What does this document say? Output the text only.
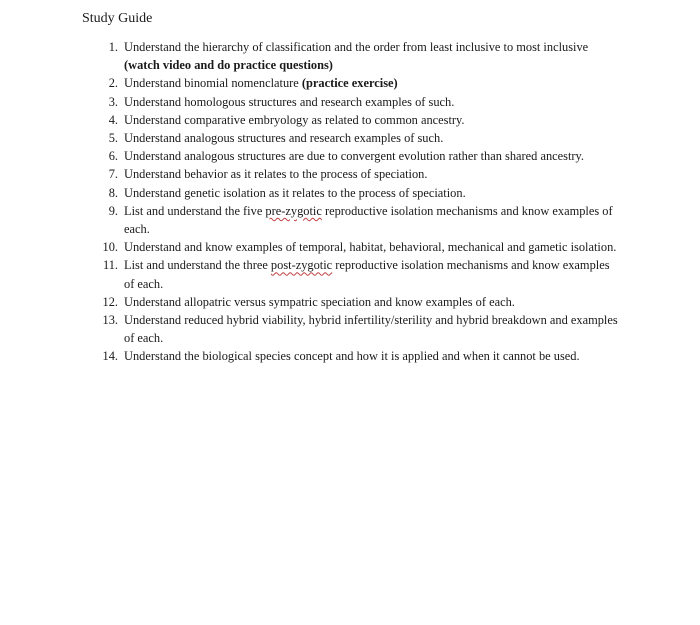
Study Guide
1. Understand the hierarchy of classification and the order from least inclusive to most inclusive (watch video and do practice questions)
2. Understand binomial nomenclature (practice exercise)
3. Understand homologous structures and research examples of such.
4. Understand comparative embryology as related to common ancestry.
5. Understand analogous structures and research examples of such.
6. Understand analogous structures are due to convergent evolution rather than shared ancestry.
7. Understand behavior as it relates to the process of speciation.
8. Understand genetic isolation as it relates to the process of speciation.
9. List and understand the five pre-zygotic reproductive isolation mechanisms and know examples of each.
10. Understand and know examples of temporal, habitat, behavioral, mechanical and gametic isolation.
11. List and understand the three post-zygotic reproductive isolation mechanisms and know examples of each.
12. Understand allopatric versus sympatric speciation and know examples of each.
13. Understand reduced hybrid viability, hybrid infertility/sterility and hybrid breakdown and examples of each.
14. Understand the biological species concept and how it is applied and when it cannot be used.
